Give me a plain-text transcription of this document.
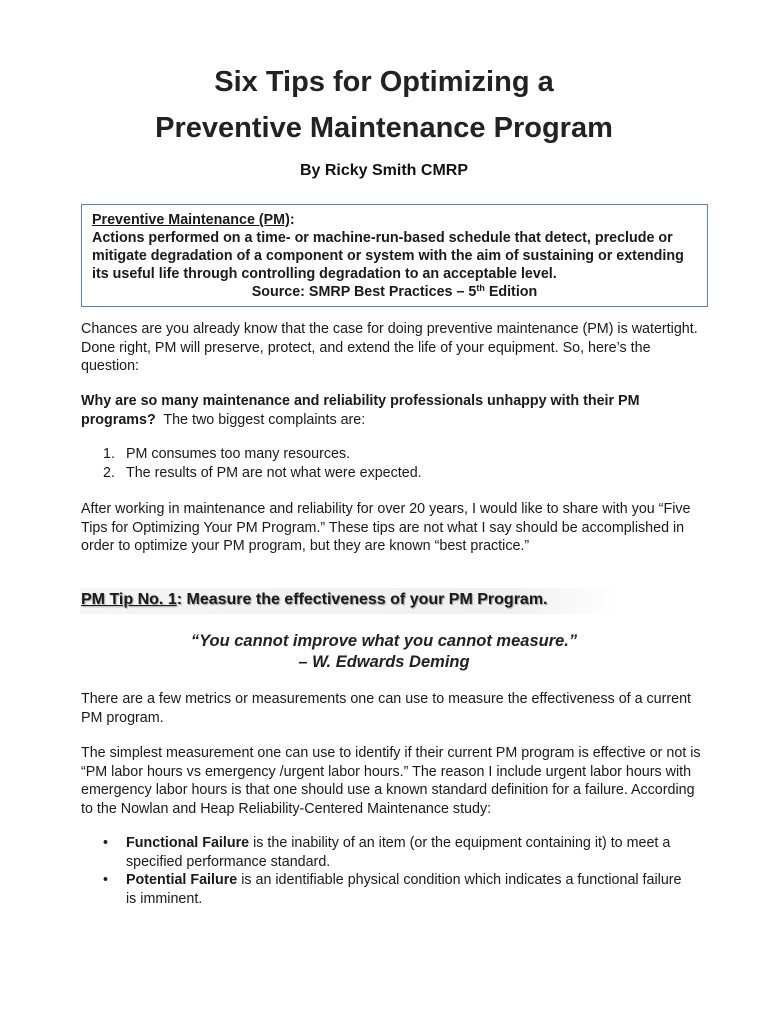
Six Tips for Optimizing a
Preventive Maintenance Program
By Ricky Smith CMRP
Preventive Maintenance (PM):
Actions performed on a time- or machine-run-based schedule that detect, preclude or mitigate degradation of a component or system with the aim of sustaining or extending its useful life through controlling degradation to an acceptable level.
Source: SMRP Best Practices – 5th Edition
Chances are you already know that the case for doing preventive maintenance (PM) is watertight. Done right, PM will preserve, protect, and extend the life of your equipment. So, here’s the question:
Why are so many maintenance and reliability professionals unhappy with their PM programs?  The two biggest complaints are:
1. PM consumes too many resources.
2. The results of PM are not what were expected.
After working in maintenance and reliability for over 20 years, I would like to share with you “Five Tips for Optimizing Your PM Program.” These tips are not what I say should be accomplished in order to optimize your PM program, but they are known “best practice.”
PM Tip No. 1: Measure the effectiveness of your PM Program.
“You cannot improve what you cannot measure.”
– W. Edwards Deming
There are a few metrics or measurements one can use to measure the effectiveness of a current PM program.
The simplest measurement one can use to identify if their current PM program is effective or not is “PM labor hours vs emergency /urgent labor hours.” The reason I include urgent labor hours with emergency labor hours is that one should use a known standard definition for a failure. According to the Nowlan and Heap Reliability-Centered Maintenance study:
• Functional Failure is the inability of an item (or the equipment containing it) to meet a specified performance standard.
• Potential Failure is an identifiable physical condition which indicates a functional failure is imminent.
